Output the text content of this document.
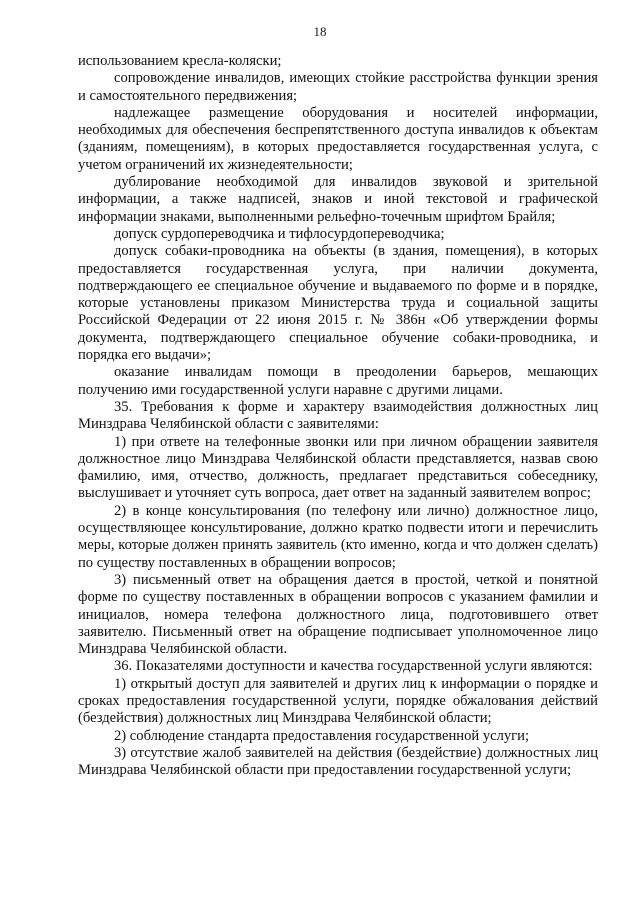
18

использованием кресла-коляски;

сопровождение инвалидов, имеющих стойкие расстройства функции зрения и самостоятельного передвижения;

надлежащее размещение оборудования и носителей информации, необходимых для обеспечения беспрепятственного доступа инвалидов к объектам (зданиям, помещениям), в которых предоставляется государственная услуга, с учетом ограничений их жизнедеятельности;

дублирование необходимой для инвалидов звуковой и зрительной информации, а также надписей, знаков и иной текстовой и графической информации знаками, выполненными рельефно-точечным шрифтом Брайля;

допуск сурдопереводчика и тифлосурдопереводчика;

допуск собаки-проводника на объекты (в здания, помещения), в которых предоставляется государственная услуга, при наличии документа, подтверждающего ее специальное обучение и выдаваемого по форме и в порядке, которые установлены приказом Министерства труда и социальной защиты Российской Федерации от 22 июня 2015 г. № 386н «Об утверждении формы документа, подтверждающего специальное обучение собаки-проводника, и порядка его выдачи»;

оказание инвалидам помощи в преодолении барьеров, мешающих получению ими государственной услуги наравне с другими лицами.

35. Требования к форме и характеру взаимодействия должностных лиц Минздрава Челябинской области с заявителями:

1) при ответе на телефонные звонки или при личном обращении заявителя должностное лицо Минздрава Челябинской области представляется, назвав свою фамилию, имя, отчество, должность, предлагает представиться собеседнику, выслушивает и уточняет суть вопроса, дает ответ на заданный заявителем вопрос;

2) в конце консультирования (по телефону или лично) должностное лицо, осуществляющее консультирование, должно кратко подвести итоги и перечислить меры, которые должен принять заявитель (кто именно, когда и что должен сделать) по существу поставленных в обращении вопросов;

3) письменный ответ на обращения дается в простой, четкой и понятной форме по существу поставленных в обращении вопросов с указанием фамилии и инициалов, номера телефона должностного лица, подготовившего ответ заявителю. Письменный ответ на обращение подписывает уполномоченное лицо Минздрава Челябинской области.

36. Показателями доступности и качества государственной услуги являются:

1) открытый доступ для заявителей и других лиц к информации о порядке и сроках предоставления государственной услуги, порядке обжалования действий (бездействия) должностных лиц Минздрава Челябинской области;

2) соблюдение стандарта предоставления государственной услуги;

3) отсутствие жалоб заявителей на действия (бездействие) должностных лиц Минздрава Челябинской области при предоставлении государственной услуги;
